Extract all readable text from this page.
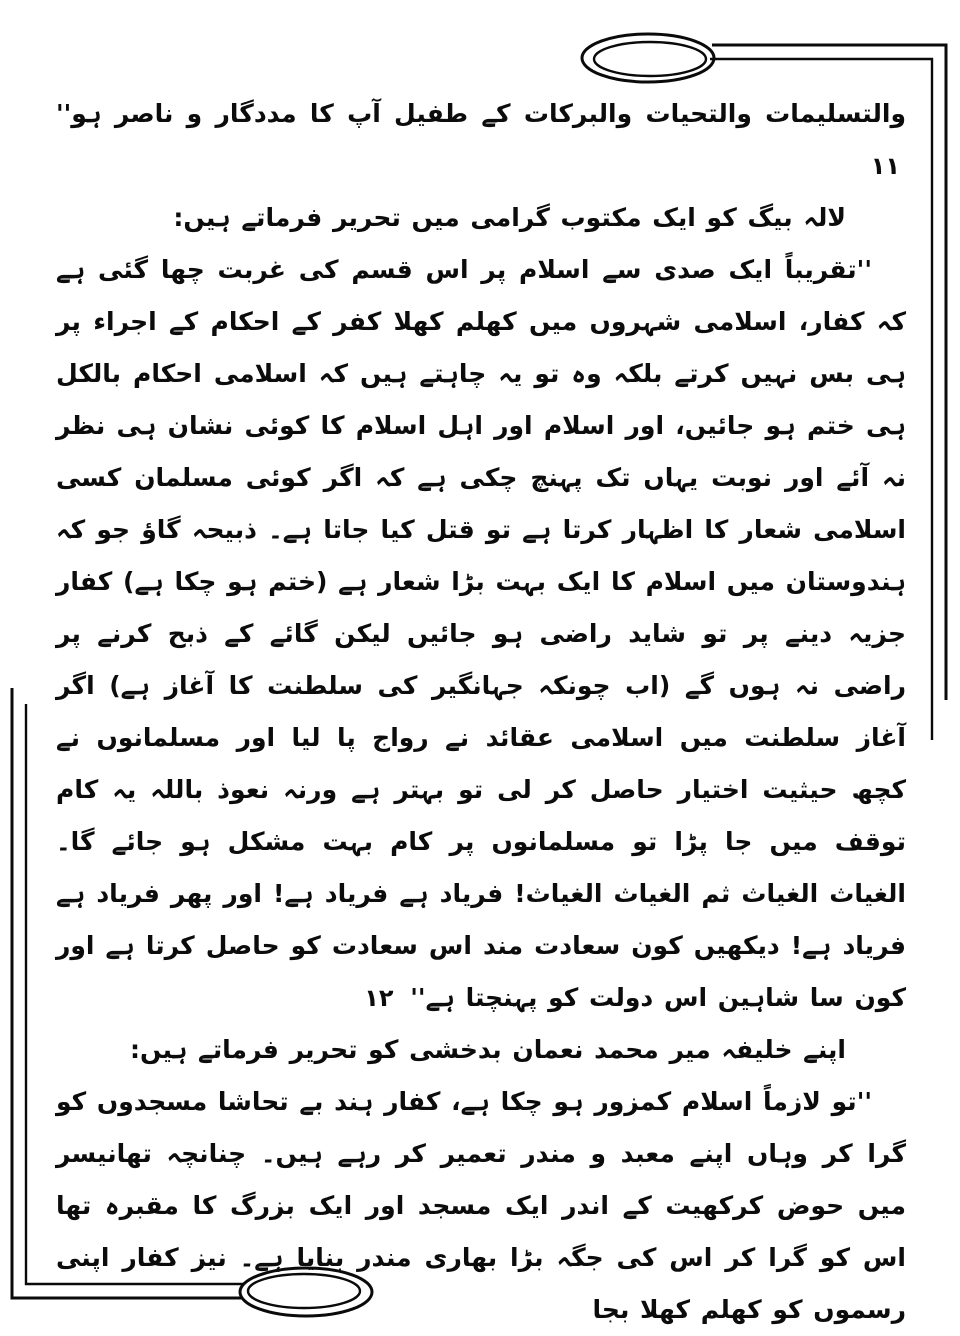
والتسلیمات والتحیات والبرکات کے طفیل آپ کا مددگار و ناصر ہو'' ۱۱

لالہ بیگ کو ایک مکتوب گرامی میں تحریر فرماتے ہیں:

''تقریباً ایک صدی سے اسلام پر اس قسم کی غربت چھا گئی ہے کہ کفار، اسلامی شہروں میں کھلم کھلا کفر کے احکام کے اجراء پر ہی بس نہیں کرتے بلکہ وہ تو یہ چاہتے ہیں کہ اسلامی احکام بالکل ہی ختم ہو جائیں، اور اسلام اور اہل اسلام کا کوئی نشان ہی نظر نہ آئے اور نوبت یہاں تک پہنچ چکی ہے کہ اگر کوئی مسلمان کسی اسلامی شعار کا اظہار کرتا ہے تو قتل کیا جاتا ہے۔ ذبیحہ گاؤ جو کہ ہندوستان میں اسلام کا ایک بہت بڑا شعار ہے (ختم ہو چکا ہے) کفار جزیہ دینے پر تو شاید راضی ہو جائیں لیکن گائے کے ذبح کرنے پر راضی نہ ہوں گے (اب چونکہ جہانگیر کی سلطنت کا آغاز ہے) اگر آغاز سلطنت میں اسلامی عقائد نے رواج پا لیا اور مسلمانوں نے کچھ حیثیت اختیار حاصل کر لی تو بہتر ہے ورنہ نعوذ باللہ یہ کام توقف میں جا پڑا تو مسلمانوں پر کام بہت مشکل ہو جائے گا۔ الغیاث الغیاث ثم الغیاث الغیاث! فریاد ہے فریاد ہے! اور پھر فریاد ہے فریاد ہے! دیکھیں کون سعادت مند اس سعادت کو حاصل کرتا ہے اور کون سا شاہین اس دولت کو پہنچتا ہے'' ۱۲

اپنے خلیفہ میر محمد نعمان بدخشی کو تحریر فرماتے ہیں:

''تو لازماً اسلام کمزور ہو چکا ہے، کفار ہند بے تحاشا مسجدوں کو گرا کر وہاں اپنے معبد و مندر تعمیر کر رہے ہیں۔ چنانچہ تھانیسر میں حوض کرکھیت کے اندر ایک مسجد اور ایک بزرگ کا مقبرہ تھا اس کو گرا کر اس کی جگہ بڑا بھاری مندر بنایا ہے۔ نیز کفار اپنی رسموں کو کھلم کھلا بجا
